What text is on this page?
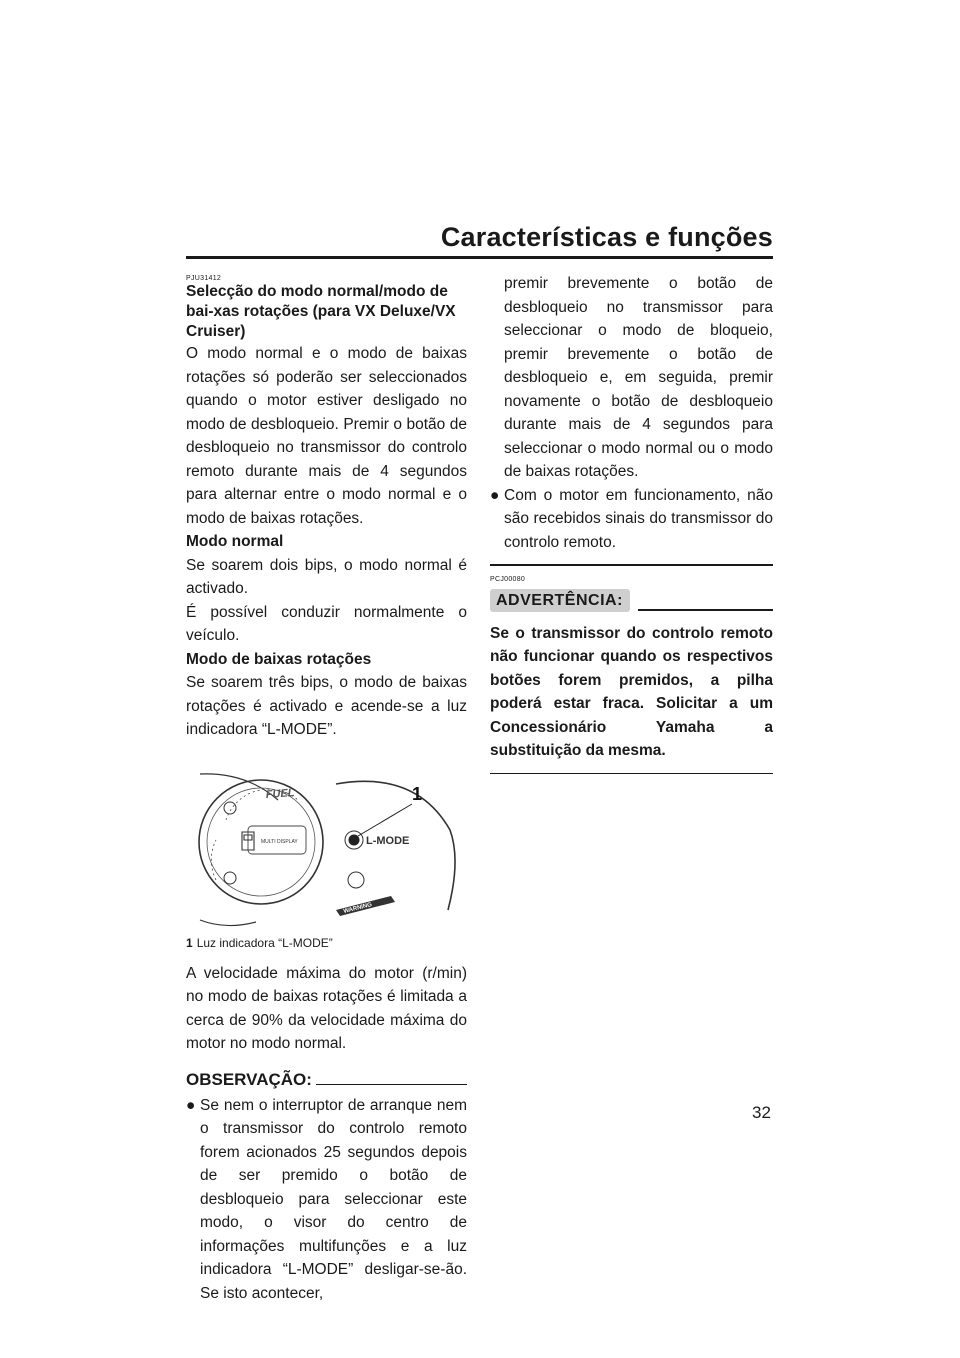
Características e funções
PJU31412
Selecção do modo normal/modo de bai-xas rotações (para VX Deluxe/VX Cruiser)
O modo normal e o modo de baixas rotações só poderão ser seleccionados quando o motor estiver desligado no modo de desbloqueio. Premir o botão de desbloqueio no transmissor do controlo remoto durante mais de 4 segundos para alternar entre o modo normal e o modo de baixas rotações.
Modo normal
Se soarem dois bips, o modo normal é activado.
É possível conduzir normalmente o veículo.
Modo de baixas rotações
Se soarem três bips, o modo de baixas rotações é activado e acende-se a luz indicadora “L-MODE”.
FUEL
MULTI DISPLAY	L-MODE
WARNING
1
1 Luz indicadora “L-MODE”
A velocidade máxima do motor (r/min) no modo de baixas rotações é limitada a cerca de 90% da velocidade máxima do motor no modo normal.
OBSERVAÇÃO:
● Se nem o interruptor de arranque nem o transmissor do controlo remoto forem acionados 25 segundos depois de ser premido o botão de desbloqueio para seleccionar este modo, o visor do centro de informações multifunções e a luz indicadora “L-MODE” desligar-se-ão. Se isto acontecer,
premir brevemente o botão de desbloqueio no transmissor para seleccionar o modo de bloqueio, premir brevemente o botão de desbloqueio e, em seguida, premir novamente o botão de desbloqueio durante mais de 4 segundos para seleccionar o modo normal ou o modo de baixas rotações.
● Com o motor em funcionamento, não são recebidos sinais do transmissor do controlo remoto.
PCJ00080
ADVERTÊNCIA:
Se o transmissor do controlo remoto não funcionar quando os respectivos botões forem premidos, a pilha poderá estar fraca. Solicitar a um Concessionário Yamaha a substituição da mesma.
32
